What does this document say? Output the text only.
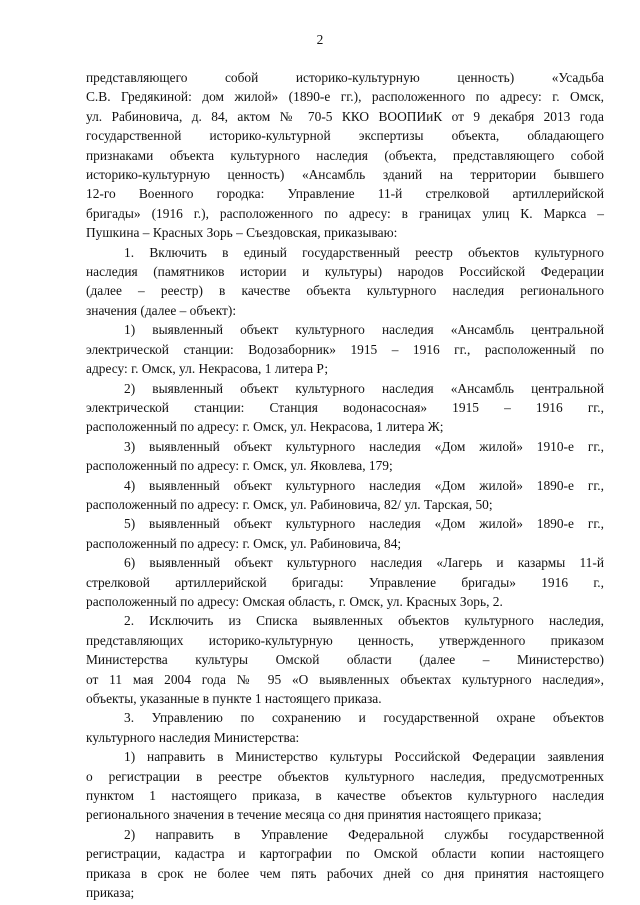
2

представляющего собой историко-культурную ценность) «Усадьба
С.В. Гредякиной: дом жилой» (1890-е гг.), расположенного по адресу: г. Омск,
ул. Рабиновича, д. 84, актом № 70-5 ККО ВООПИиК от 9 декабря 2013 года
государственной историко-культурной экспертизы объекта, обладающего
признаками объекта культурного наследия (объекта, представляющего собой
историко-культурную ценность) «Ансамбль зданий на территории бывшего
12-го Военного городка: Управление 11-й стрелковой артиллерийской
бригады» (1916 г.), расположенного по адресу: в границах улиц К. Маркса –
Пушкина – Красных Зорь – Съездовская, приказываю:

1. Включить в единый государственный реестр объектов культурного
наследия (памятников истории и культуры) народов Российской Федерации
(далее – реестр) в качестве объекта культурного наследия регионального
значения (далее – объект):

1) выявленный объект культурного наследия «Ансамбль центральной
электрической станции: Водозаборник» 1915 – 1916 гг., расположенный по
адресу: г. Омск, ул. Некрасова, 1 литера Р;

2) выявленный объект культурного наследия «Ансамбль центральной
электрической станции: Станция водонасосная» 1915 – 1916 гг.,
расположенный по адресу: г. Омск, ул. Некрасова, 1 литера Ж;

3) выявленный объект культурного наследия «Дом жилой» 1910-е гг.,
расположенный по адресу: г. Омск, ул. Яковлева, 179;

4) выявленный объект культурного наследия «Дом жилой» 1890-е гг.,
расположенный по адресу: г. Омск, ул. Рабиновича, 82/ ул. Тарская, 50;

5) выявленный объект культурного наследия «Дом жилой» 1890-е гг.,
расположенный по адресу: г. Омск, ул. Рабиновича, 84;

6) выявленный объект культурного наследия «Лагерь и казармы 11-й
стрелковой артиллерийской бригады: Управление бригады» 1916 г.,
расположенный по адресу: Омская область, г. Омск, ул. Красных Зорь, 2.

2. Исключить из Списка выявленных объектов культурного наследия,
представляющих историко-культурную ценность, утвержденного приказом
Министерства культуры Омской области (далее – Министерство)
от 11 мая 2004 года № 95 «О выявленных объектах культурного наследия»,
объекты, указанные в пункте 1 настоящего приказа.

3. Управлению по сохранению и государственной охране объектов
культурного наследия Министерства:

1) направить в Министерство культуры Российской Федерации заявления
о регистрации в реестре объектов культурного наследия, предусмотренных
пунктом 1 настоящего приказа, в качестве объектов культурного наследия
регионального значения в течение месяца со дня принятия настоящего приказа;

2) направить в Управление Федеральной службы государственной
регистрации, кадастра и картографии по Омской области копии настоящего
приказа в срок не более чем пять рабочих дней со дня принятия настоящего
приказа;
